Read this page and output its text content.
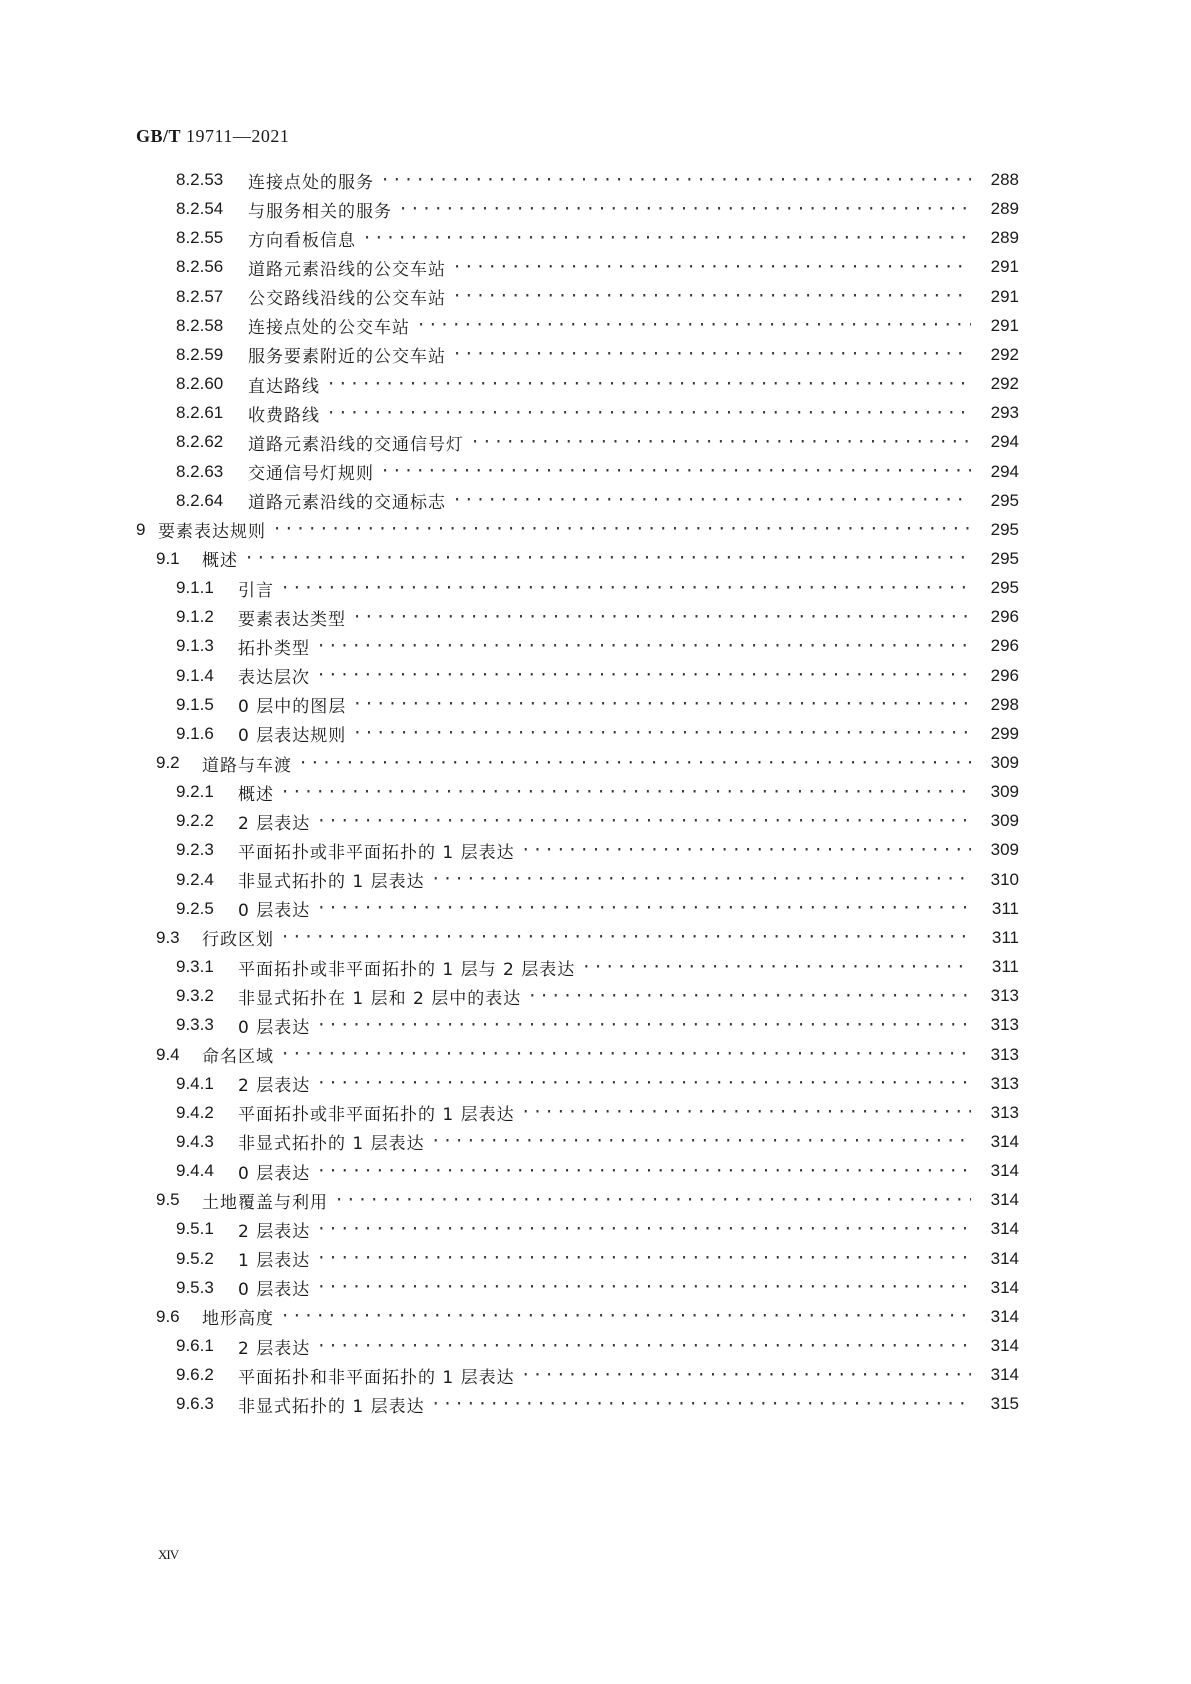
GB/T 19711—2021
8.2.53	连接点处的服务 ·····	288
8.2.54	与服务相关的服务 ·····	289
8.2.55	方向看板信息 ·····	289
8.2.56	道路元素沿线的公交车站 ·····	291
8.2.57	公交路线沿线的公交车站 ·····	291
8.2.58	连接点处的公交车站 ·····	291
8.2.59	服务要素附近的公交车站 ·····	292
8.2.60	直达路线 ·····	292
8.2.61	收费路线 ·····	293
8.2.62	道路元素沿线的交通信号灯 ·····	294
8.2.63	交通信号灯规则 ·····	294
8.2.64	道路元素沿线的交通标志 ·····	295
9 要素表达规则 ·····	295
9.1	概述 ·····	295
9.1.1	引言 ·····	295
9.1.2	要素表达类型 ·····	296
9.1.3	拓扑类型 ·····	296
9.1.4	表达层次 ·····	296
9.1.5	0 层中的图层 ·····	298
9.1.6	0 层表达规则 ·····	299
9.2	道路与车渡 ·····	309
9.2.1	概述 ·····	309
9.2.2	2 层表达 ·····	309
9.2.3	平面拓扑或非平面拓扑的 1 层表达 ·····	309
9.2.4	非显式拓扑的 1 层表达 ·····	310
9.2.5	0 层表达 ·····	311
9.3	行政区划 ·····	311
9.3.1	平面拓扑或非平面拓扑的 1 层与 2 层表达 ·····	311
9.3.2	非显式拓扑在 1 层和 2 层中的表达 ·····	313
9.3.3	0 层表达 ·····	313
9.4	命名区域 ·····	313
9.4.1	2 层表达 ·····	313
9.4.2	平面拓扑或非平面拓扑的 1 层表达 ·····	313
9.4.3	非显式拓扑的 1 层表达 ·····	314
9.4.4	0 层表达 ·····	314
9.5	土地覆盖与利用 ·····	314
9.5.1	2 层表达 ·····	314
9.5.2	1 层表达 ·····	314
9.5.3	0 层表达 ·····	314
9.6	地形高度 ·····	314
9.6.1	2 层表达 ·····	314
9.6.2	平面拓扑和非平面拓扑的 1 层表达 ·····	314
9.6.3	非显式拓扑的 1 层表达 ·····	315
XIV
